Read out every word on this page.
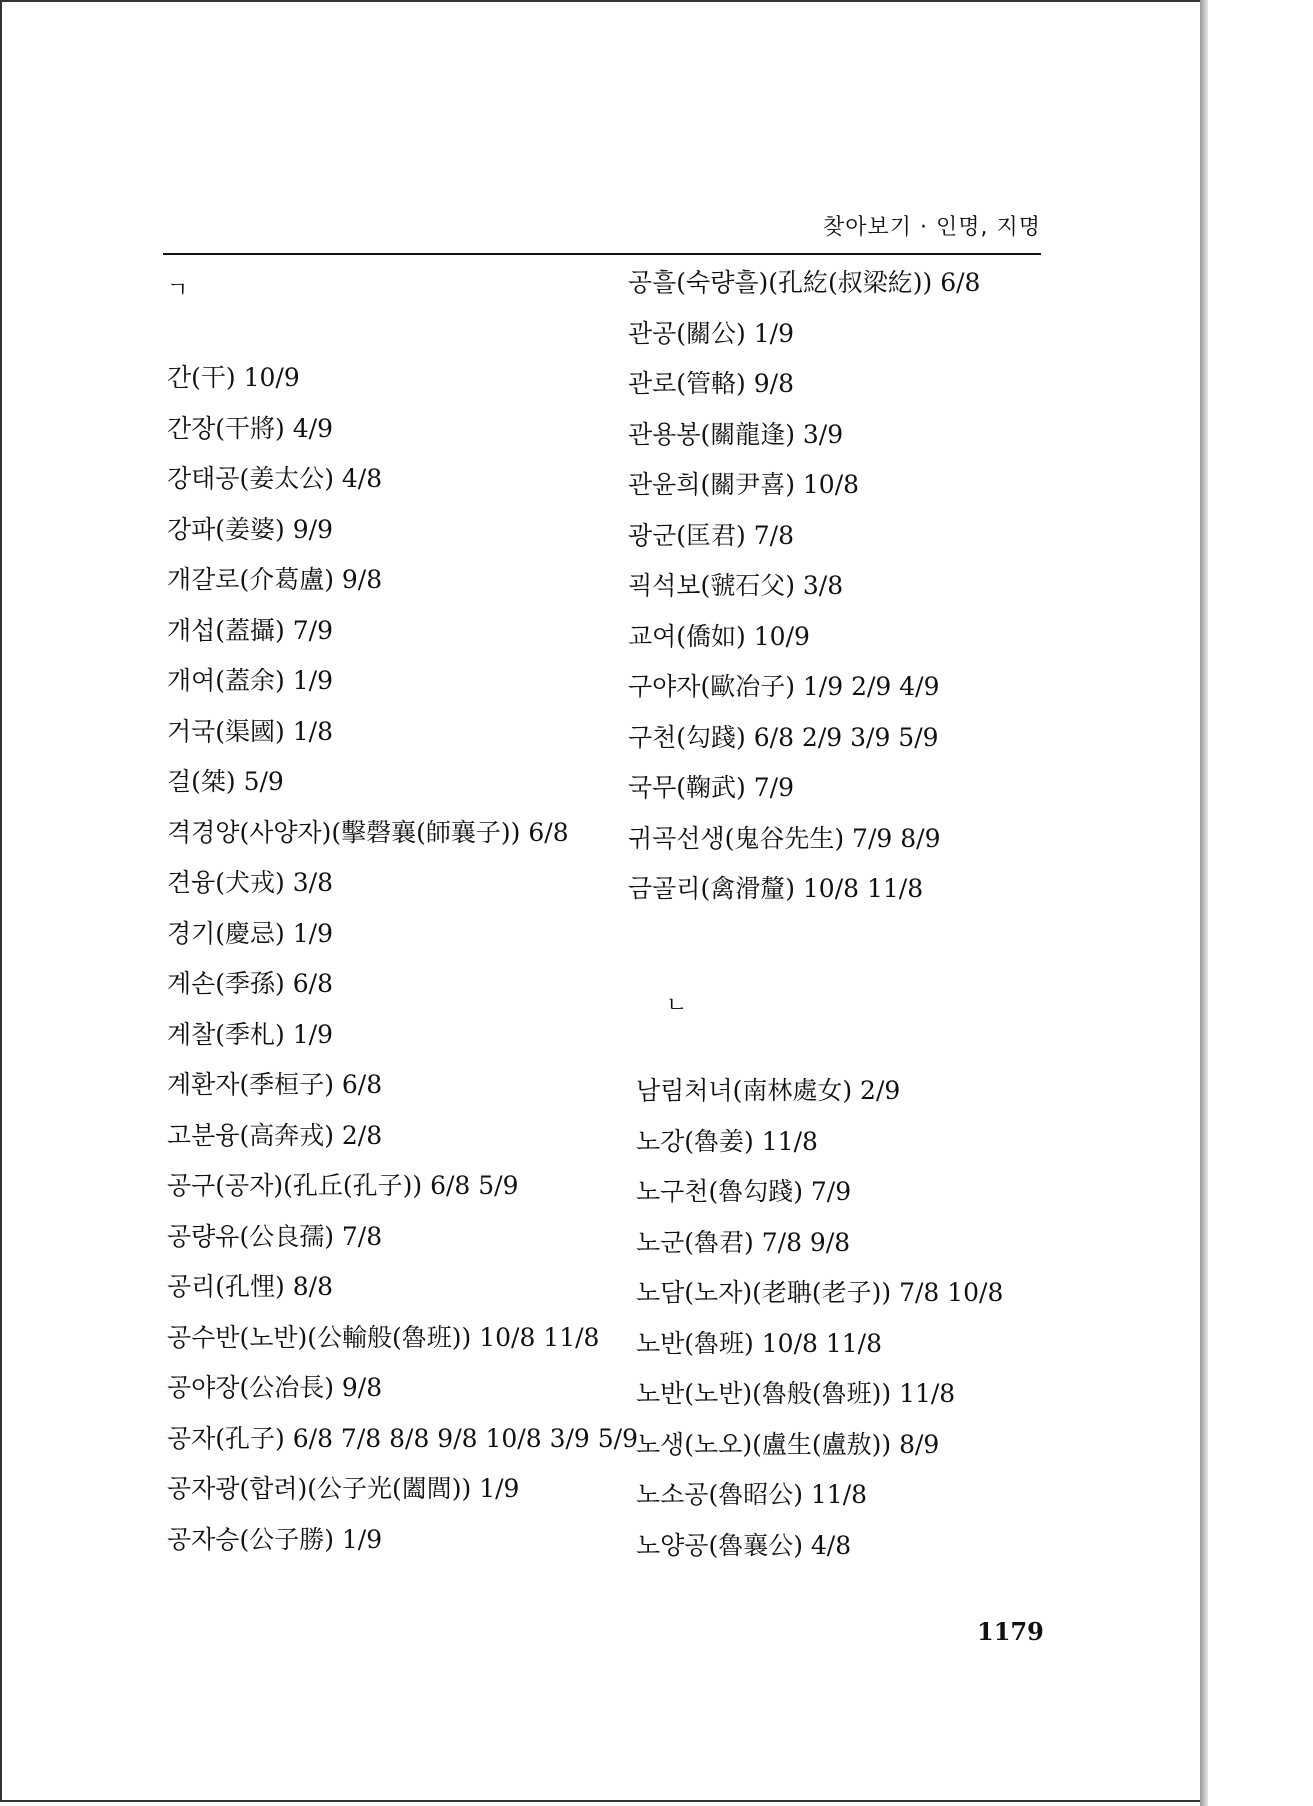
찾아보기 · 인명, 지명
ㄱ
간(干) 10/9
간장(干將) 4/9
강태공(姜太公) 4/8
강파(姜婆) 9/9
개갈로(介葛盧) 9/8
개섭(蓋攝) 7/9
개여(蓋余) 1/9
거국(渠國) 1/8
걸(桀) 5/9
격경양(사양자)(擊磬襄(師襄子)) 6/8
견융(犬戎) 3/8
경기(慶忌) 1/9
계손(季孫) 6/8
계찰(季札) 1/9
계환자(季桓子) 6/8
고분융(高奔戎) 2/8
공구(공자)(孔丘(孔子)) 6/8 5/9
공량유(公良孺) 7/8
공리(孔悝) 8/8
공수반(노반)(公輸般(魯班)) 10/8 11/8
공야장(公冶長) 9/8
공자(孔子) 6/8 7/8 8/8 9/8 10/8 3/9 5/9
공자광(합려)(公子光(闔閭)) 1/9
공자승(公子勝) 1/9
공흘(숙량흘)(孔紇(叔梁紇)) 6/8
관공(關公) 1/9
관로(管輅) 9/8
관용봉(關龍逢) 3/9
관윤희(關尹喜) 10/8
광군(匡君) 7/8
괵석보(虢石父) 3/8
교여(僑如) 10/9
구야자(歐冶子) 1/9 2/9 4/9
구천(勾踐) 6/8 2/9 3/9 5/9
국무(鞠武) 7/9
귀곡선생(鬼谷先生) 7/9 8/9
금골리(禽滑釐) 10/8 11/8
ㄴ
남림처녀(南林處女) 2/9
노강(魯姜) 11/8
노구천(魯勾踐) 7/9
노군(魯君) 7/8 9/8
노담(노자)(老聃(老子)) 7/8 10/8
노반(魯班) 10/8 11/8
노반(노반)(魯般(魯班)) 11/8
노생(노오)(盧生(盧敖)) 8/9
노소공(魯昭公) 11/8
노양공(魯襄公) 4/8
1179
